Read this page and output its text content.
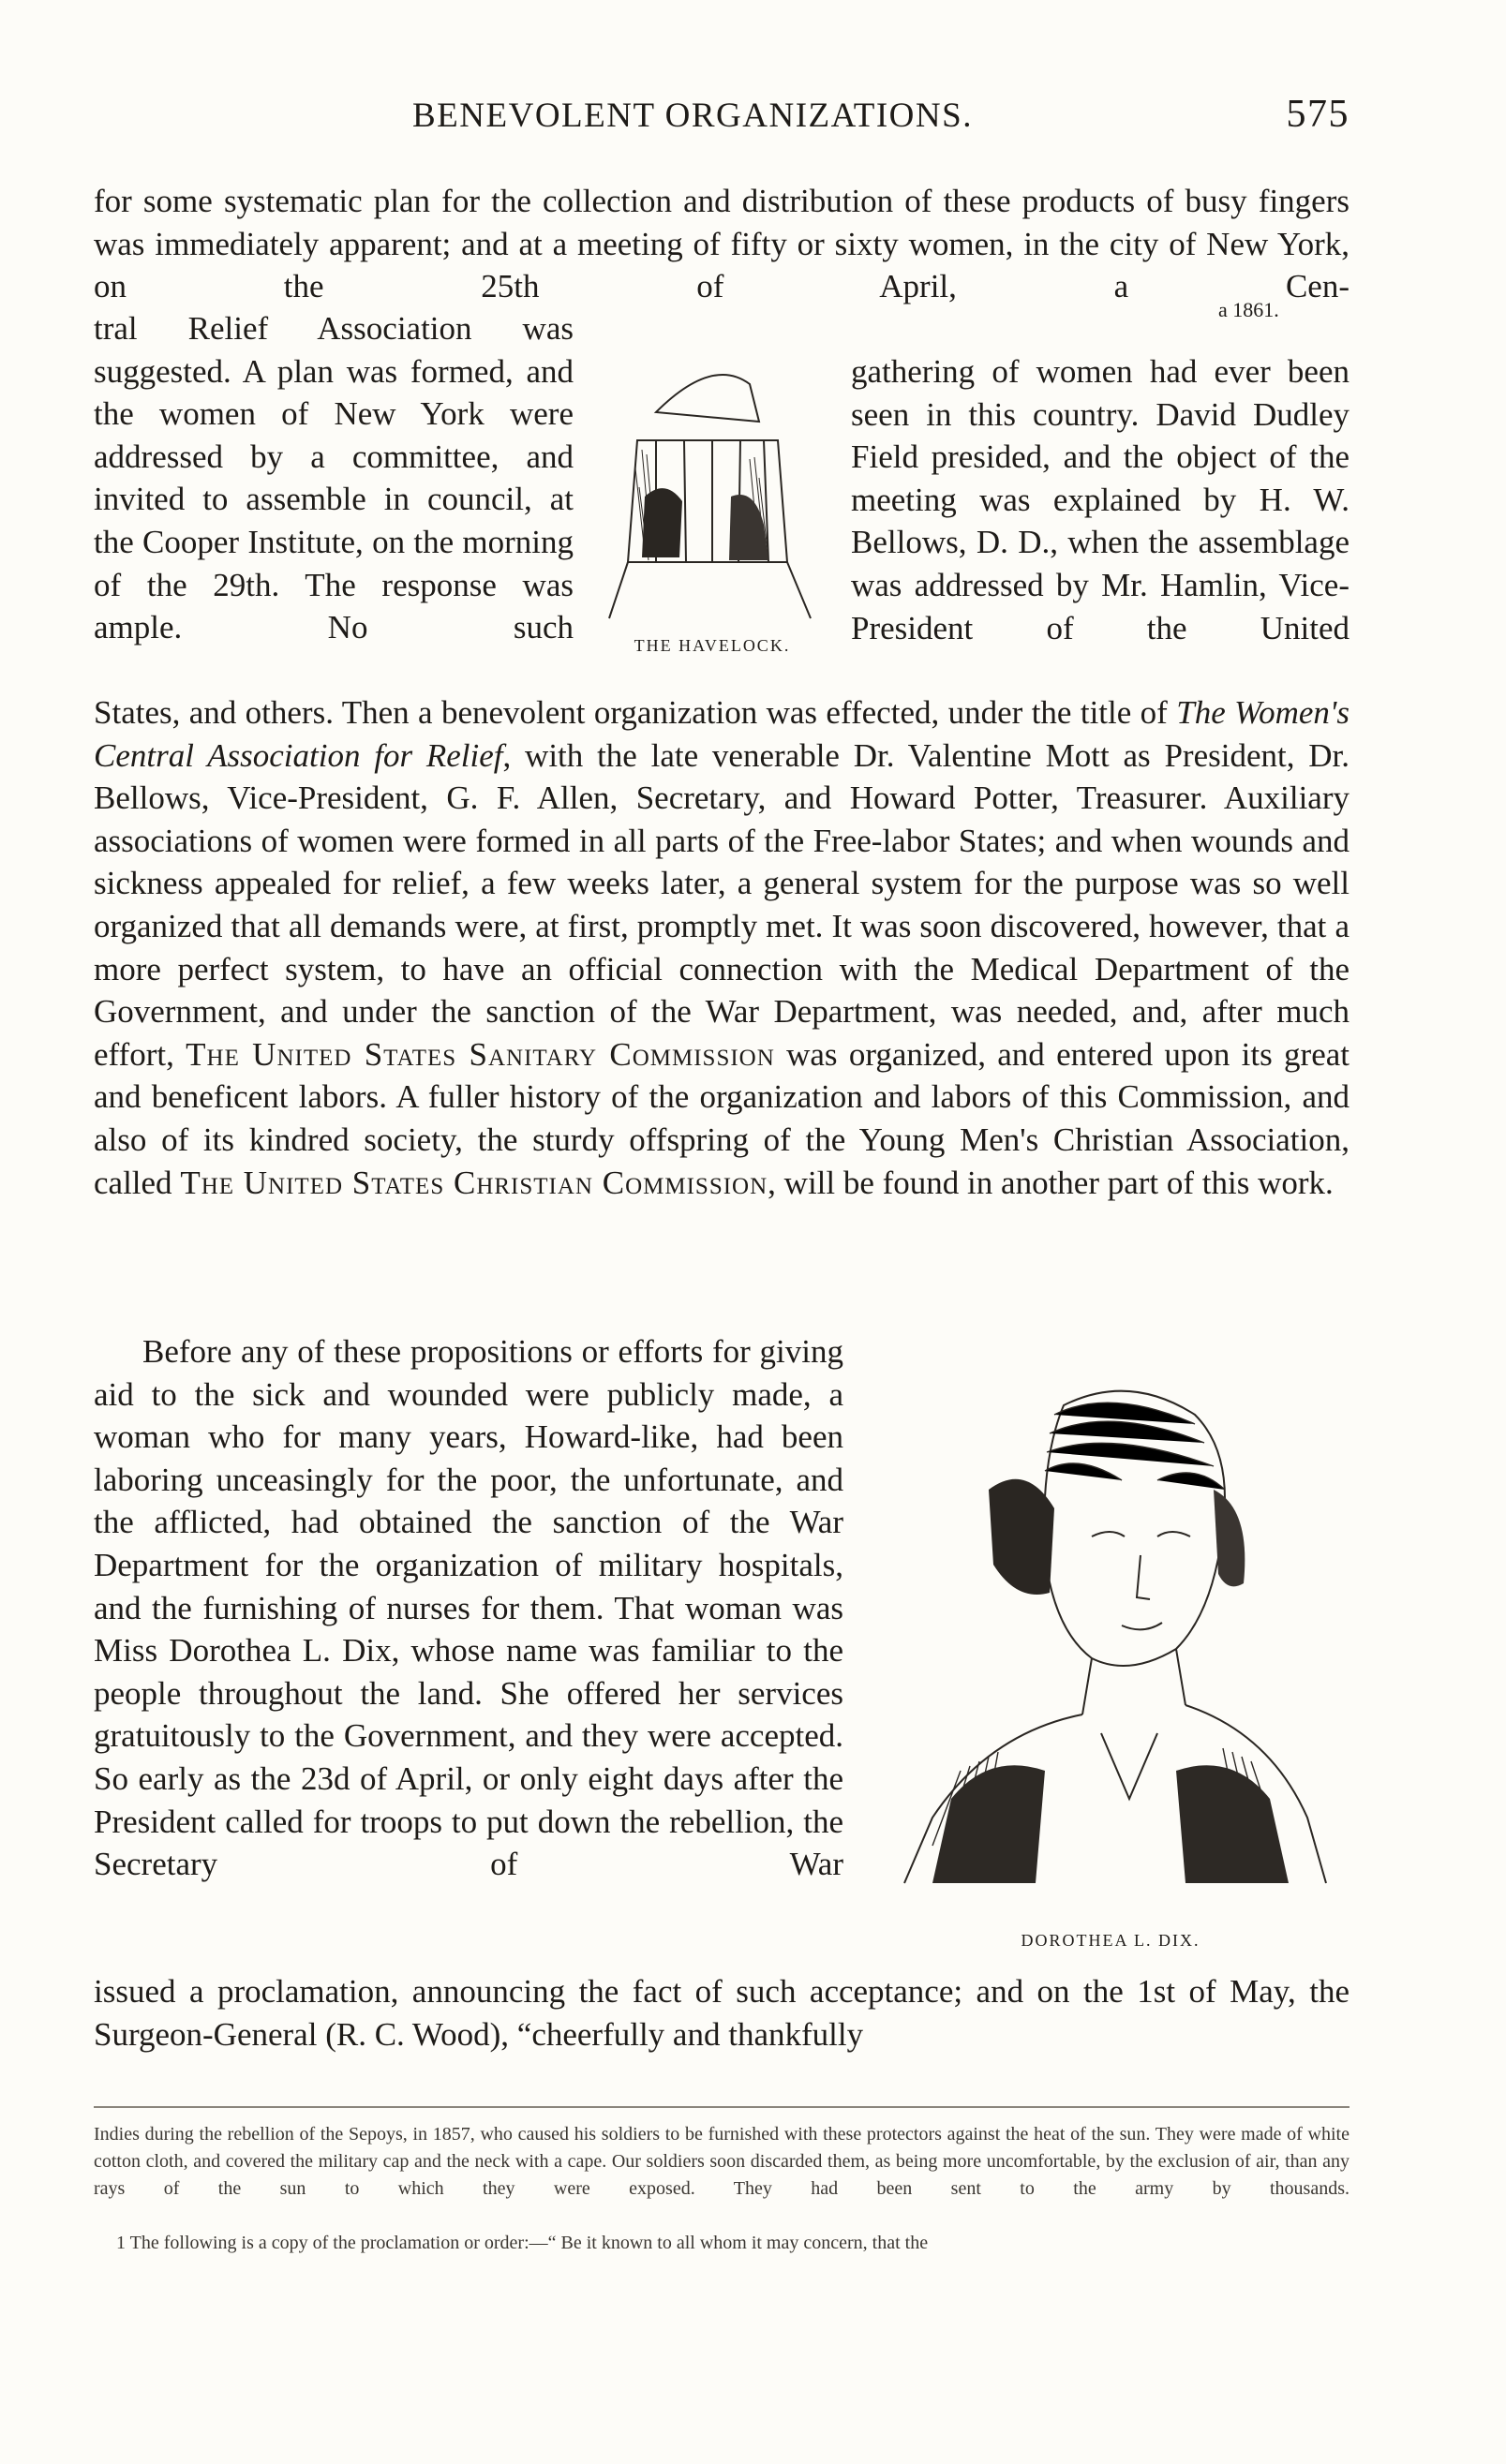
BENEVOLENT ORGANIZATIONS.	575

for some systematic plan for the collection and distribution of these products of busy fingers was immediately apparent; and at a meeting of fifty or sixty women, in the city of New York, on the 25th of April, a Cen-

a 1861.

tral Relief Association was suggested. A plan was formed, and the women of New York were addressed by a committee, and invited to assemble in council, at the Cooper Institute, on the morning of the 29th. The response was ample. No such	THE HAVELOCK.

gathering of women had ever been seen in this country. David Dudley Field presided, and the object of the meeting was explained by H. W. Bellows, D. D., when the assemblage was addressed by Mr. Hamlin, Vice-President of the United

States, and others. Then a benevolent organization was effected, under the title of The Women's Central Association for Relief, with the late venerable Dr. Valentine Mott as President, Dr. Bellows, Vice-President, G. F. Allen, Secretary, and Howard Potter, Treasurer. Auxiliary associations of women were formed in all parts of the Free-labor States; and when wounds and sickness appealed for relief, a few weeks later, a general system for the purpose was so well organized that all demands were, at first, promptly met. It was soon discovered, however, that a more perfect system, to have an official connection with the Medical Department of the Government, and under the sanction of the War Department, was needed, and, after much effort, The United States Sanitary Commission was organized, and entered upon its great and beneficent labors. A fuller history of the organization and labors of this Commission, and also of its kindred society, the sturdy offspring of the Young Men's Christian Association, called The United States Christian Commission, will be found in another part of this work.

Before any of these propositions or efforts for giving aid to the sick and wounded were publicly made, a woman who for many years, Howard-like, had been laboring unceasingly for the poor, the unfortunate, and the afflicted, had obtained the sanction of the War Department for the organization of military hospitals, and the furnishing of nurses for them. That woman was Miss Dorothea L. Dix, whose name was familiar to the people throughout the land. She offered her services gratuitously to the Government, and they were accepted. So early as the 23d of April, or only eight days after the President called for troops to put down the rebellion, the Secretary of War

DOROTHEA L. DIX.

issued a proclamation, announcing the fact of such acceptance; and on the 1st of May, the Surgeon-General (R. C. Wood), “cheerfully and thankfully

Indies during the rebellion of the Sepoys, in 1857, who caused his soldiers to be furnished with these protectors against the heat of the sun. They were made of white cotton cloth, and covered the military cap and the neck with a cape. Our soldiers soon discarded them, as being more uncomfortable, by the exclusion of air, than any rays of the sun to which they were exposed. They had been sent to the army by thousands.

1 The following is a copy of the proclamation or order:—“ Be it known to all whom it may concern, that the
